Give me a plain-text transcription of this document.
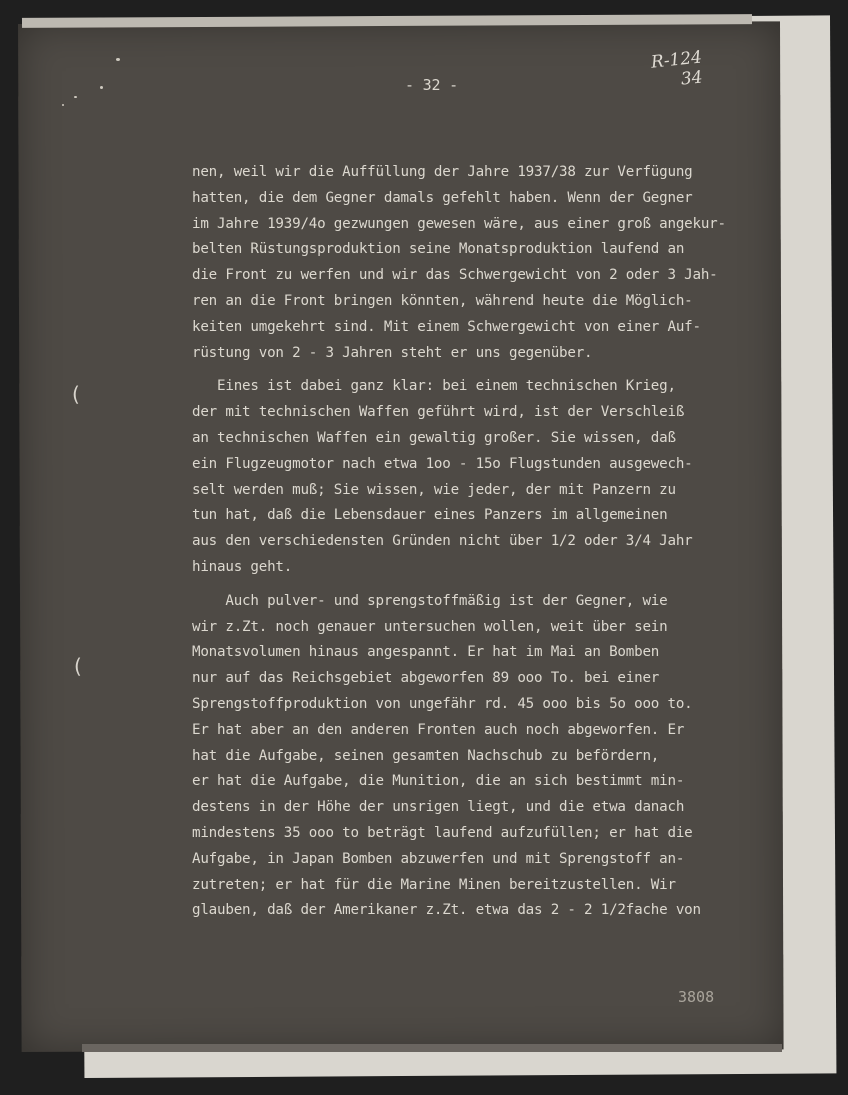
(
(
- 32 -
R-124
34
nen, weil wir die Auffüllung der Jahre 1937/38 zur Verfügung
hatten, die dem Gegner damals gefehlt haben. Wenn der Gegner
im Jahre 1939/4o gezwungen gewesen wäre, aus einer groß angekur-
belten Rüstungsproduktion seine Monatsproduktion laufend an
die Front zu werfen und wir das Schwergewicht von 2 oder 3 Jah-
ren an die Front bringen könnten, während heute die Möglich-
keiten umgekehrt sind. Mit einem Schwergewicht von einer Auf-
rüstung von 2 - 3 Jahren steht er uns gegenüber.
Eines ist dabei ganz klar: bei einem technischen Krieg,
der mit technischen Waffen geführt wird, ist der Verschleiß
an technischen Waffen ein gewaltig großer. Sie wissen, daß
ein Flugzeugmotor nach etwa 1oo - 15o Flugstunden ausgewech-
selt werden muß; Sie wissen, wie jeder, der mit Panzern zu
tun hat, daß die Lebensdauer eines Panzers im allgemeinen
aus den verschiedensten Gründen nicht über 1/2 oder 3/4 Jahr
hinaus geht.
Auch pulver- und sprengstoffmäßig ist der Gegner, wie
wir z.Zt. noch genauer untersuchen wollen, weit über sein
Monatsvolumen hinaus angespannt. Er hat im Mai an Bomben
nur auf das Reichsgebiet abgeworfen 89 ooo To. bei einer
Sprengstoffproduktion von ungefähr rd. 45 ooo bis 5o ooo to.
Er hat aber an den anderen Fronten auch noch abgeworfen. Er
hat die Aufgabe, seinen gesamten Nachschub zu befördern,
er hat die Aufgabe, die Munition, die an sich bestimmt min-
destens in der Höhe der unsrigen liegt, und die etwa danach
mindestens 35 ooo to beträgt laufend aufzufüllen; er hat die
Aufgabe, in Japan Bomben abzuwerfen und mit Sprengstoff an-
zutreten; er hat für die Marine Minen bereitzustellen. Wir
glauben, daß der Amerikaner z.Zt. etwa das 2 - 2 1/2fache von
3808
